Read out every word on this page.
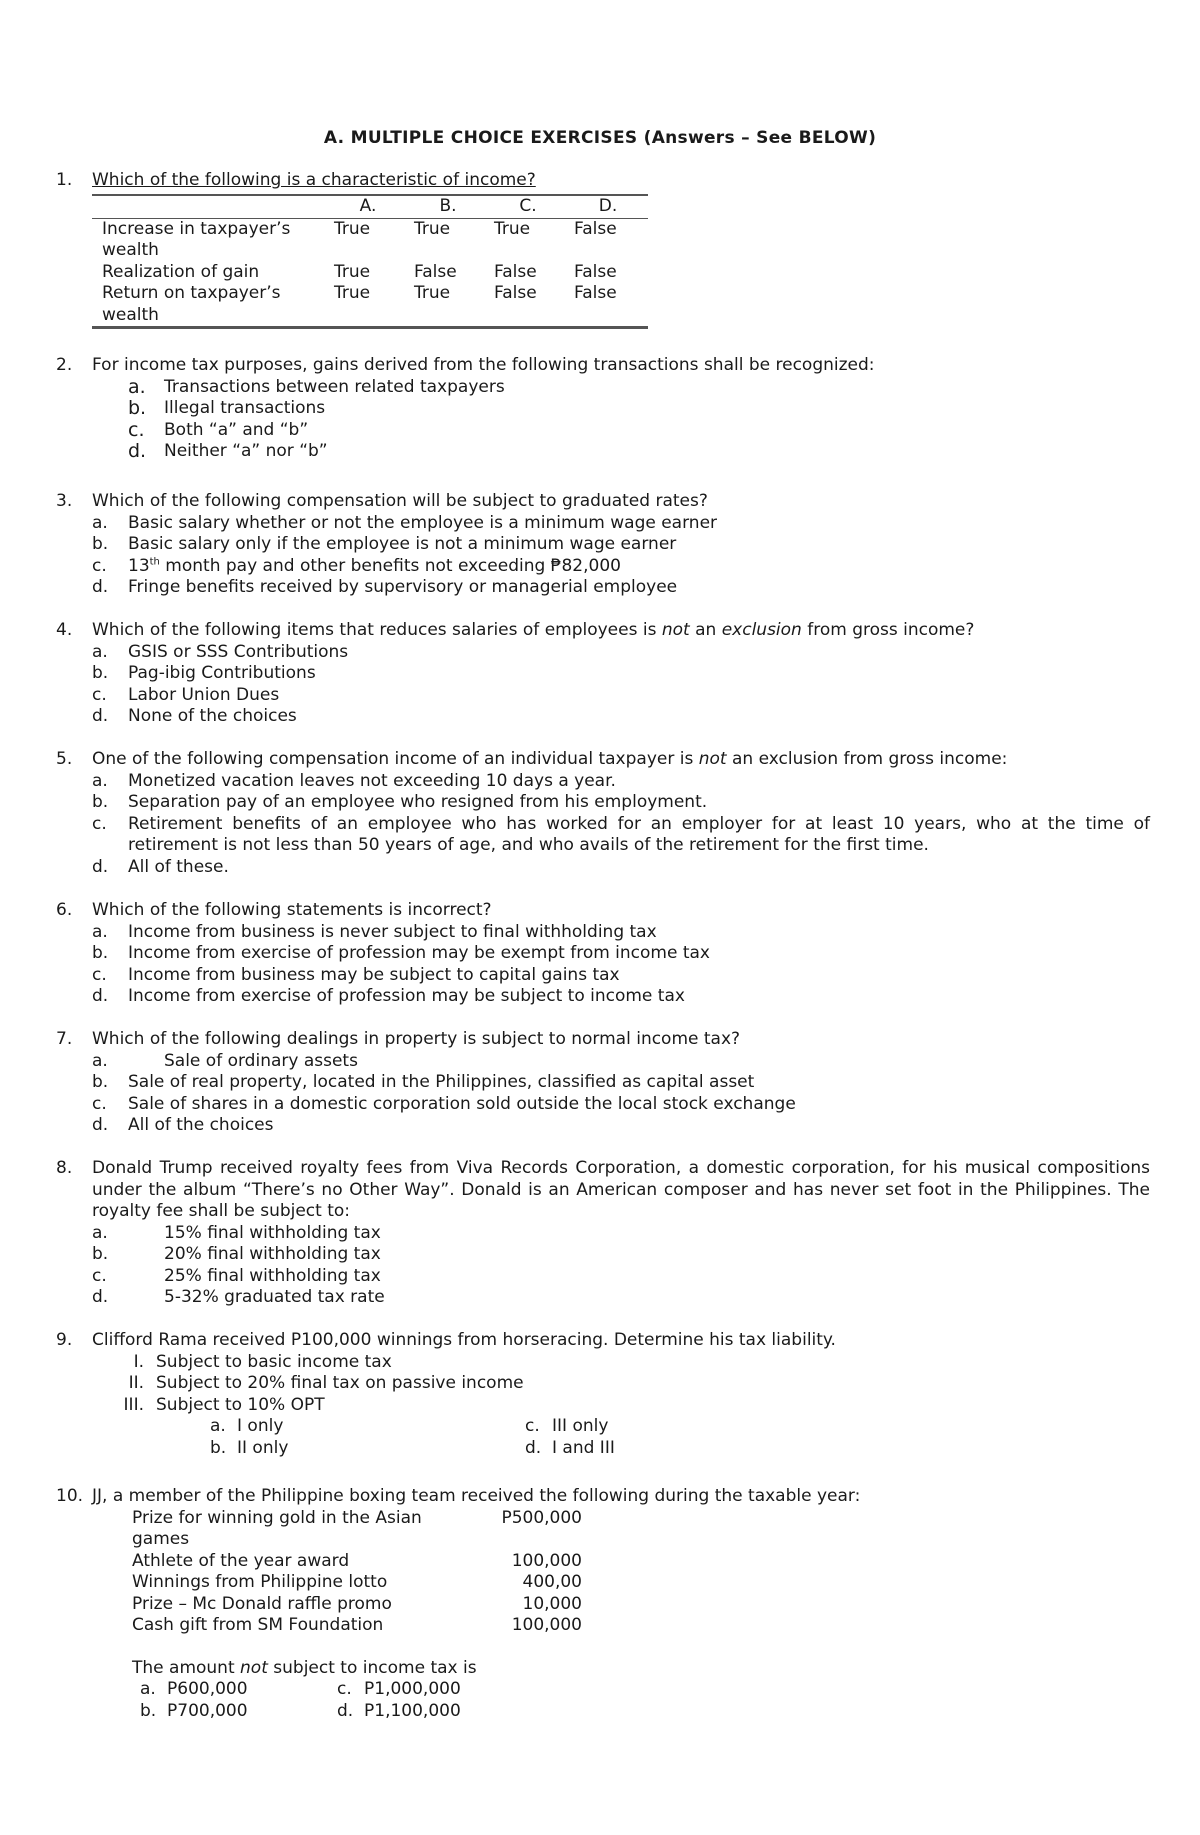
A. MULTIPLE CHOICE EXERCISES (Answers – See BELOW)
1.	Which of the following is a characteristic of income?
	A.	B.	C.	D.
Increase in taxpayer’s wealth	True	True	True	False
Realization of gain	True	False	False	False
Return on taxpayer’s wealth	True	True	False	False
2.	For income tax purposes, gains derived from the following transactions shall be recognized:
a.	Transactions between related taxpayers
b.	Illegal transactions
c.	Both “a” and “b”
d.	Neither “a” nor “b”
3.	Which of the following compensation will be subject to graduated rates?
a.	Basic salary whether or not the employee is a minimum wage earner
b.	Basic salary only if the employee is not a minimum wage earner
c.	13th month pay and other benefits not exceeding ₱82,000
d.	Fringe benefits received by supervisory or managerial employee
4.	Which of the following items that reduces salaries of employees is not an exclusion from gross income?
a.	GSIS or SSS Contributions
b.	Pag-ibig Contributions
c.	Labor Union Dues
d.	None of the choices
5.	One of the following compensation income of an individual taxpayer is not an exclusion from gross income:
a.	Monetized vacation leaves not exceeding 10 days a year.
b.	Separation pay of an employee who resigned from his employment.
c.	Retirement benefits of an employee who has worked for an employer for at least 10 years, who at the time of retirement is not less than 50 years of age, and who avails of the retirement for the first time.
d.	All of these.
6.	Which of the following statements is incorrect?
a.	Income from business is never subject to final withholding tax
b.	Income from exercise of profession may be exempt from income tax
c.	Income from business may be subject to capital gains tax
d.	Income from exercise of profession may be subject to income tax
7.	Which of the following dealings in property is subject to normal income tax?
a.	Sale of ordinary assets
b.	Sale of real property, located in the Philippines, classified as capital asset
c.	Sale of shares in a domestic corporation sold outside the local stock exchange
d.	All of the choices
8.	Donald Trump received royalty fees from Viva Records Corporation, a domestic corporation, for his musical compositions under the album “There’s no Other Way”. Donald is an American composer and has never set foot in the Philippines. The royalty fee shall be subject to:
a.	15% final withholding tax
b.	20% final withholding tax
c.	25% final withholding tax
d.	5-32% graduated tax rate
9.	Clifford Rama received P100,000 winnings from horseracing. Determine his tax liability.
I. Subject to basic income tax
II. Subject to 20% final tax on passive income
III. Subject to 10% OPT
a. I only	c. III only
b. II only	d. I and III
10. JJ, a member of the Philippine boxing team received the following during the taxable year:
Prize for winning gold in the Asian games	P500,000
Athlete of the year award	100,000
Winnings from Philippine lotto	400,00
Prize – Mc Donald raffle promo	10,000
Cash gift from SM Foundation	100,000
The amount not subject to income tax is
a. P600,000	c. P1,000,000
b. P700,000	d. P1,100,000
